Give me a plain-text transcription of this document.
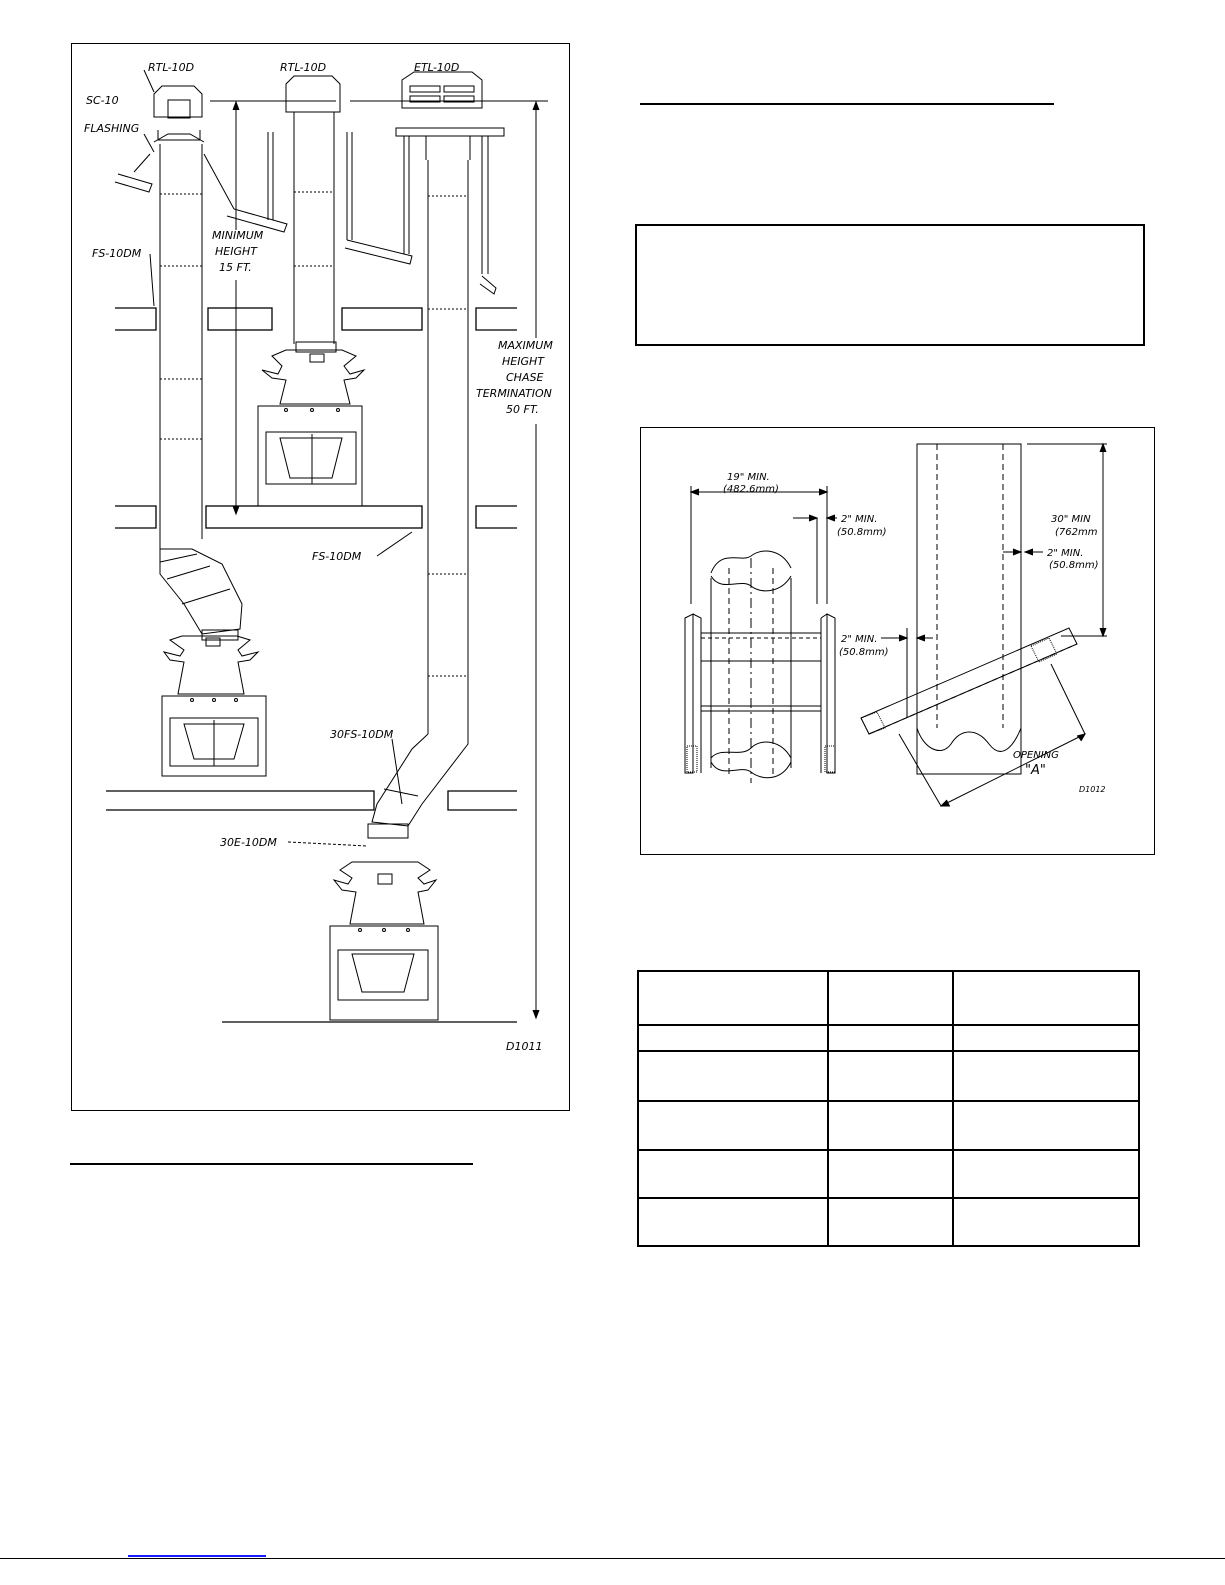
RTL-10D	RTL-10D	ETL-10D
SC-10
FLASHING
FS-10DM
MINIMUM
HEIGHT
15 FT.
MAXIMUM
HEIGHT
CHASE
TERMINATION
50 FT.
FS-10DM
30FS-10DM
30E-10DM
D1011
19" MIN.
(482.6mm)
2" MIN.
(50.8mm)
30" MIN
(762mm
2" MIN.
(50.8mm)
2" MIN.
(50.8mm)
OPENING
"A"
D1012
